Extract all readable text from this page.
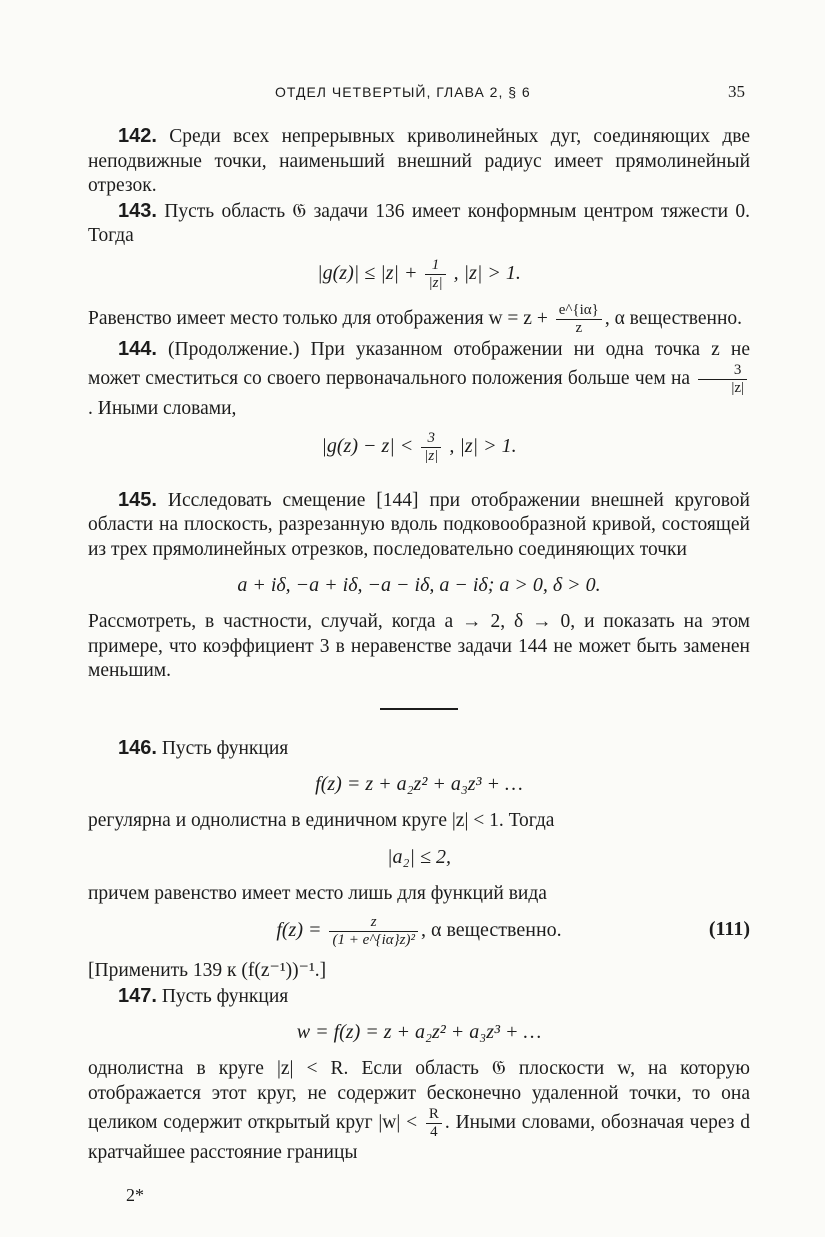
ОТДЕЛ ЧЕТВЕРТЫЙ, ГЛАВА 2, § 6	35

142. Среди всех непрерывных криволинейных дуг, соединяющих две неподвижные точки, наименьший внешний радиус имеет прямолинейный отрезок.

143. Пусть область 𝔊 задачи 136 имеет конформным центром тяжести 0. Тогда

$|g(z)| \le |z| + \frac{1}{|z|}$ , |z| > 1.

Равенство имеет место только для отображения $w = z + \frac{e\^{}\{i\alpha\}}{z}$ , α вещественно.

144. (Продолжение.) При указанном отображении ни одна точка z не может сместиться со своего первоначального положения больше чем на $\frac{3}{|z|}$
. Иными словами,

$|g(z) - z| < \frac{3}{|z|}$ , |z| > 1.

145. Исследовать смещение [144] при отображении внешней круговой области на плоскость, разрезанную вдоль подковообразной кривой, состоящей из трех прямолинейных отрезков, последовательно соединяющих точки

a + iδ, −a + iδ, −a − iδ, a − iδ; a > 0, δ > 0.

Рассмотреть, в частности, случай, когда a → 2, δ → 0, и показать на этом примере, что коэффициент 3 в неравенстве задачи 144 не может быть заменен меньшим.

146. Пусть функция

f(z) = z + a₂z² + a₃z³ + …

регулярна и однолистна в единичном круге |z| < 1. Тогда

|a₂| ≤ 2,

причем равенство имеет место лишь для функций вида

$f(z) = \frac{z}{\text{(1 + e\textasciicircum{}\{iα\}z)²}}$ , α вещественно.	(111)

[Применить 139 к (f(z⁻¹))⁻¹.]

147. Пусть функция

w = f(z) = z + a₂z² + a₃z³ + …

однолистна в круге |z| < R. Если область 𝔊 плоскости w, на которую отображается этот круг, не содержит бесконечно удаленной точки, то она целиком содержит открытый круг $|w| < \frac{R}{4}$ . Иными словами, обозначая через d кратчайшее расстояние границы

2*
